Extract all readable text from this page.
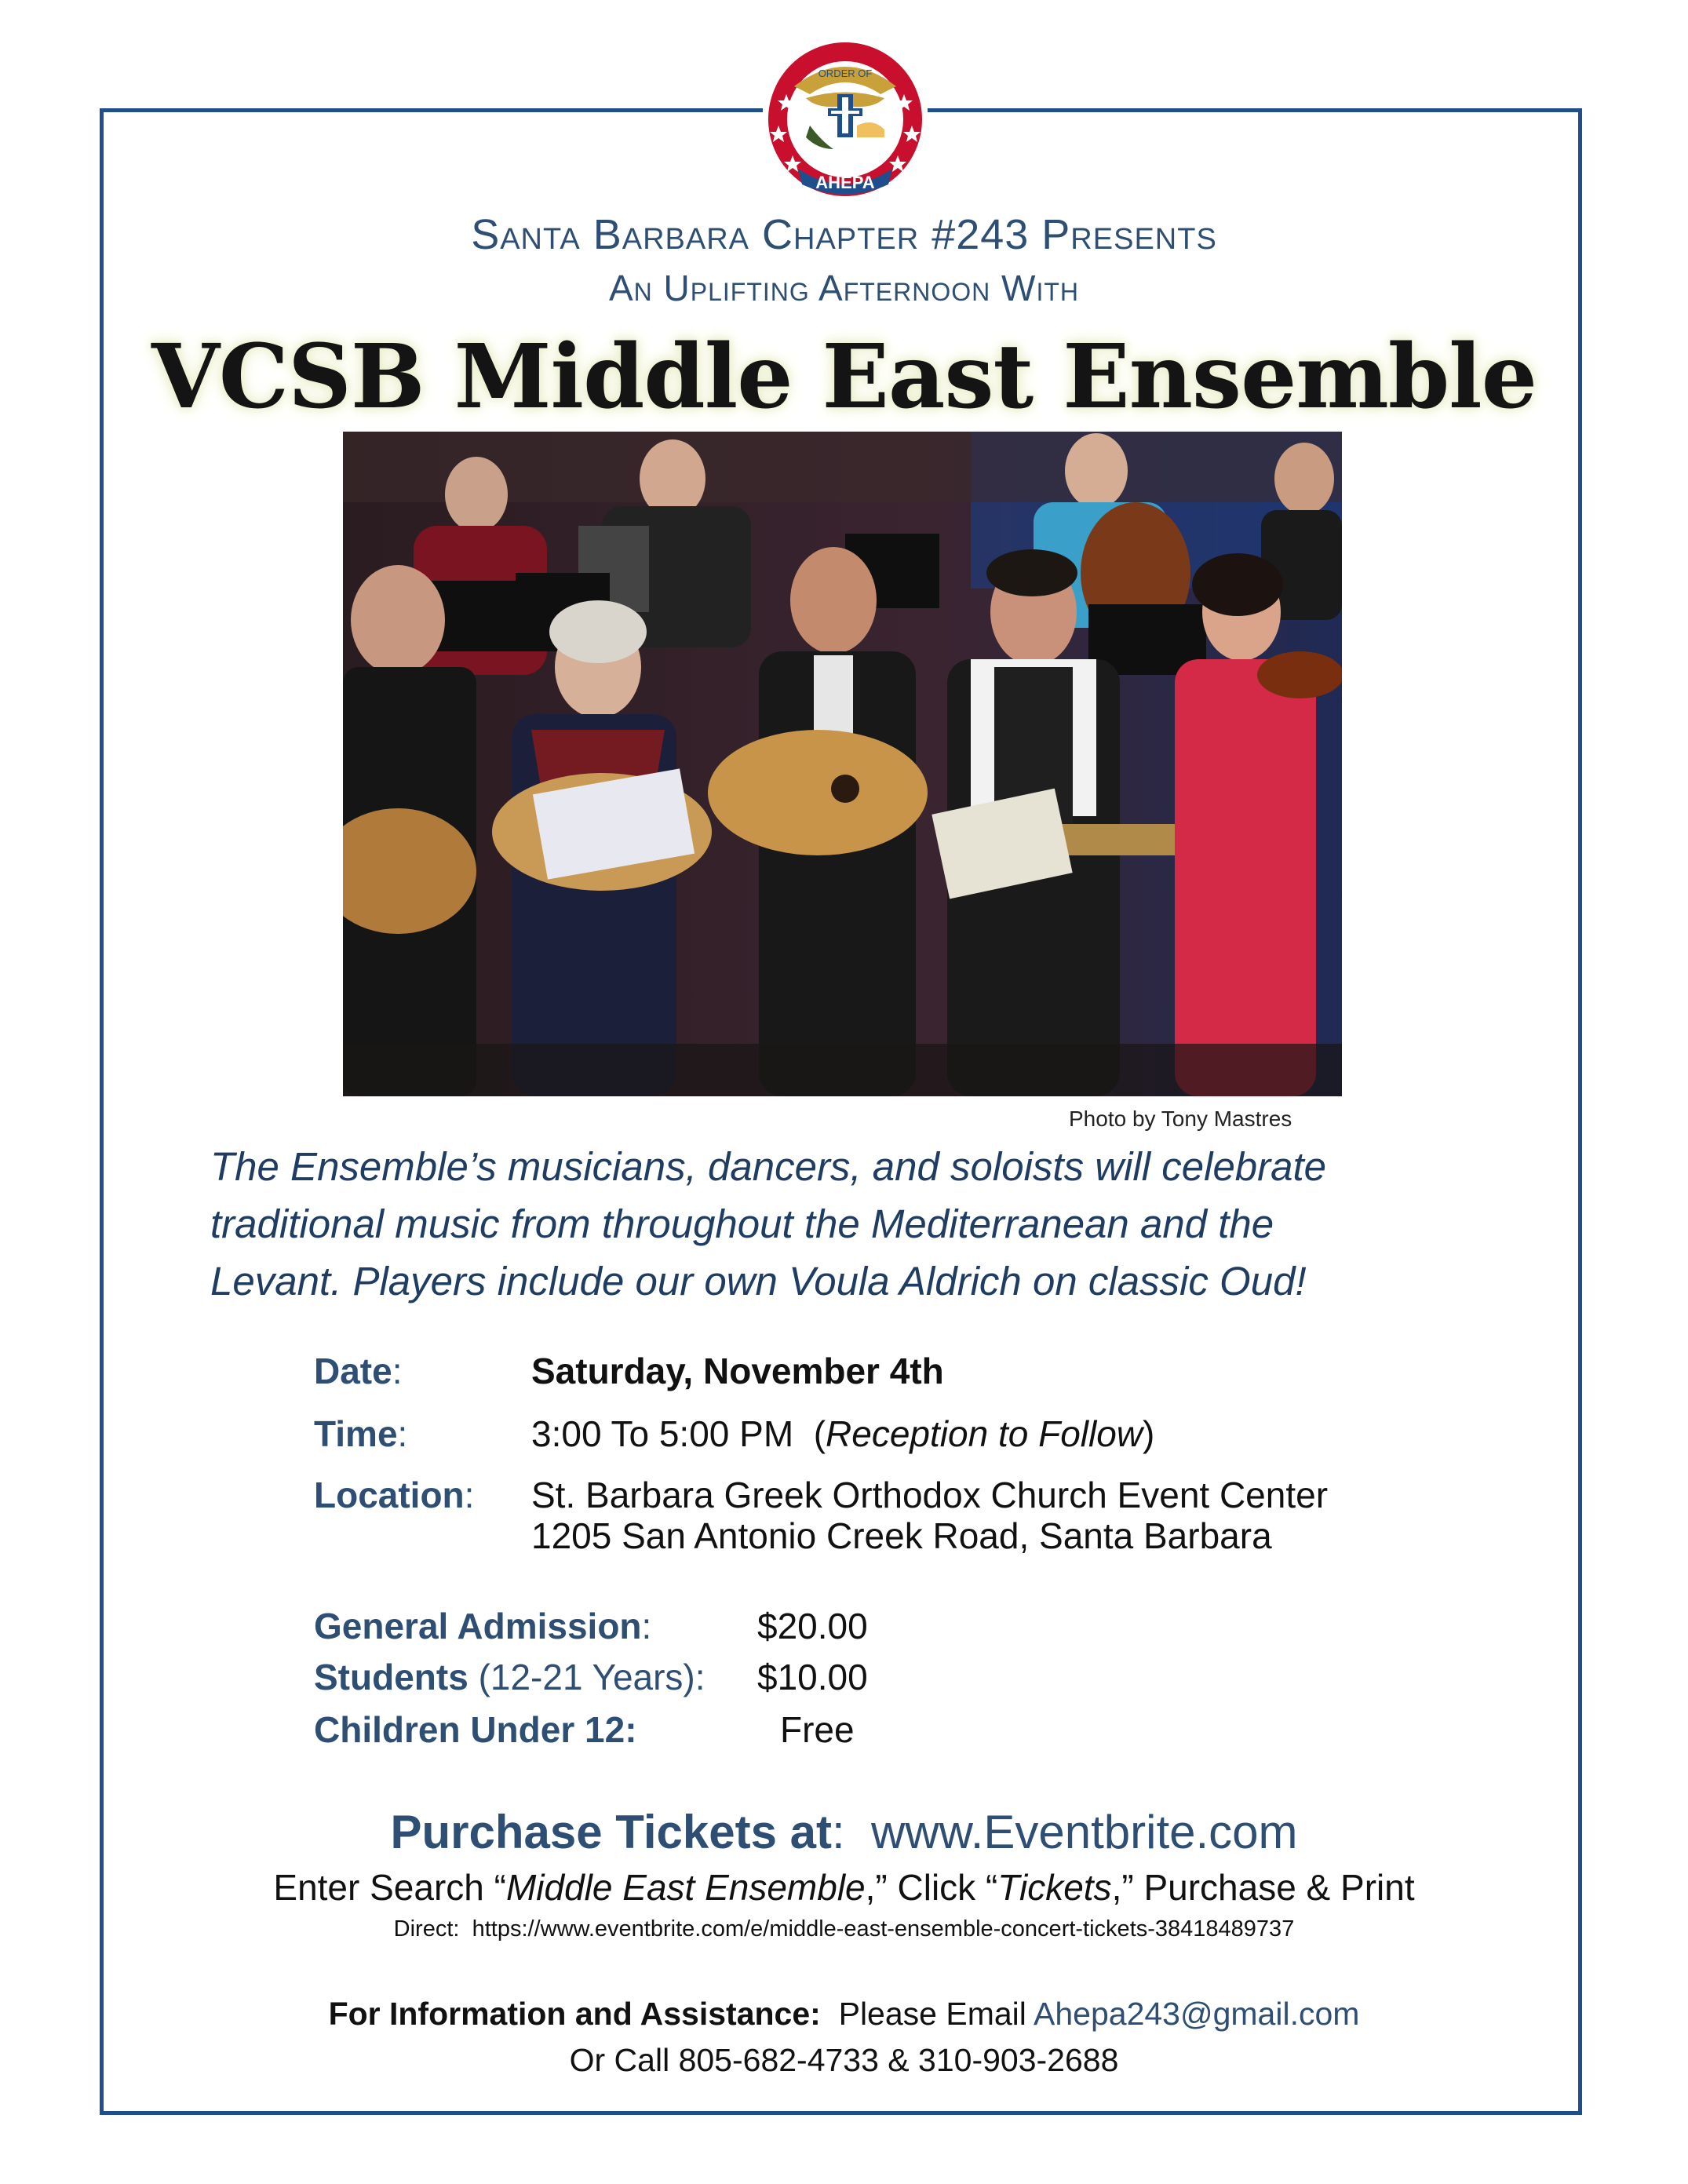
AHEPA
ORDER OF
Santa Barbara Chapter #243 Presents
An Uplifting Afternoon With
VCSB Middle East Ensemble
Photo by Tony Mastres
The Ensemble’s musicians, dancers, and soloists will celebrate
traditional music from throughout the Mediterranean and the
Levant. Players include our own Voula Aldrich on classic Oud!
Date:	Saturday, November 4th
Time:	3:00 To 5:00 PM  (Reception to Follow)
Location: St. Barbara Greek Orthodox Church Event Center
1205 San Antonio Creek Road, Santa Barbara
General Admission:	$20.00
Students (12-21 Years): $10.00
Children Under 12:	Free
Purchase Tickets at:  www.Eventbrite.com
Enter Search “Middle East Ensemble,” Click “Tickets,” Purchase & Print
Direct: https://www.eventbrite.com/e/middle-east-ensemble-concert-tickets-38418489737
For Information and Assistance: Please Email Ahepa243@gmail.com
Or Call 805-682-4733 & 310-903-2688
